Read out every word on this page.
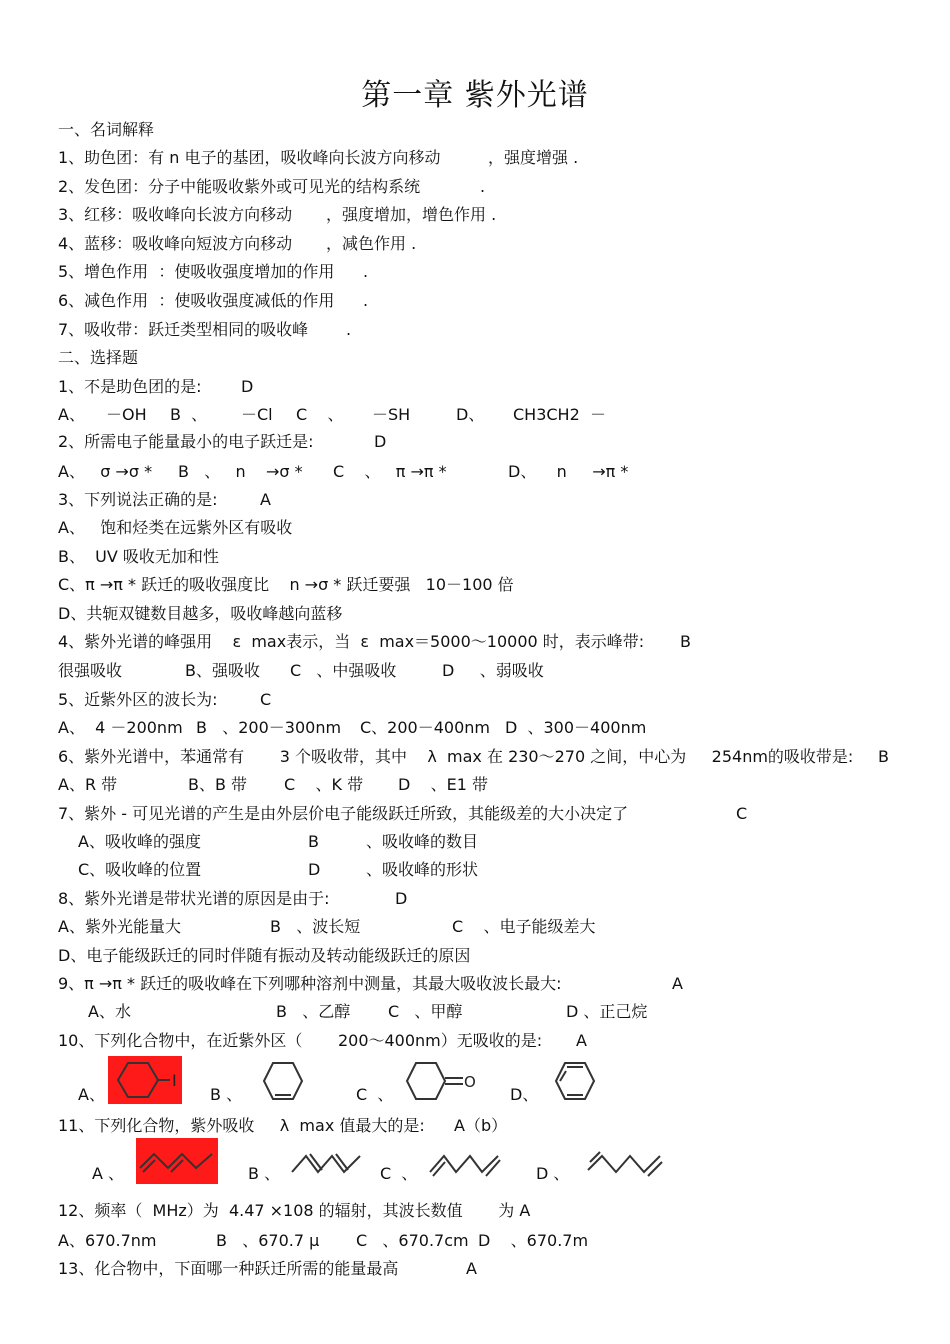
第一章 紫外光谱
一、名词解释
1、助色团：有 n 电子的基团，吸收峰向长波方向移动	，强度增强 .
2、发色团：分子中能吸收紫外或可见光的结构系统	.
3、红移：吸收峰向长波方向移动 ，强度增加，增色作用 .
4、蓝移：吸收峰向短波方向移动 ，减色作用 .
5、增色作用  ：使吸收强度增加的作用 .
6、减色作用  ：使吸收强度减低的作用 .
7、吸收带：跃迁类型相同的吸收峰 .
二、选择题
1、不是助色团的是: D

A、 －OH

B  、 －Cl

C    、 －SH

	D、 CH3CH2  －

2、所需电子能量最小的电子跃迁是:	D

A、   σ →σ * B   、   n    →σ *

C    、   π →π *	D、    n     →π *

3、下列说法正确的是:	A
A、   饱和烃类在远紫外区有吸收
B、  UV 吸收无加和性
C、π →π * 跃迁的吸收强度比    n →σ * 跃迁要强   10－100 倍
D、共轭双键数目越多，吸收峰越向蓝移
4、紫外光谱的峰强用    ε  max表示，当  ε  max＝5000～10000 时，表示峰带: B

很强吸收	B、强吸收

C   、中强吸收	D     、弱吸收

5、近紫外区的波长为:	C

A、  4 －200nm B   、200－300nm

C、200－400nm D  、300－400nm

6、紫外光谱中，苯通常有       3 个吸收带，其中    λ  max 在 230～270 之间，中心为     254nm的吸收带是: B

A、R 带	B、B 带

C    、K 带 D    、E1 带

7、紫外 - 可见光谱的产生是由外层价电子能级跃迁所致，其能级差的大小决定了	C

A、吸收峰的强度	B	、吸收峰的数目

C、吸收峰的位置	D	、吸收峰的形状

8、紫外光谱是带状光谱的原因是由于:	D

A、紫外光能量大	B   、波长短	C    、电子能级差大

D、电子能级跃迁的同时伴随有振动及转动能级跃迁的原因
9、π →π * 跃迁的吸收峰在下列哪种溶剂中测量，其最大吸收波长最大:	A

A、水	B   、乙醇

C   、甲醇	D 、正己烷

10、下列化合物中，在近紫外区（       200～400nm）无吸收的是: A

A、	B 、

	C  、	D、

I	O
11、下列化合物，紫外吸收     λ  max 值最大的是: A（b）

A 、	B 、

	C  、	D 、

12、频率（  MHz）为  4.47 ×108 的辐射，其波长数值       为 A

A、670.7nm	B   、670.7 μ

C   、670.7cm D    、670.7m

13、化合物中，下面哪一种跃迁所需的能量最高	A
